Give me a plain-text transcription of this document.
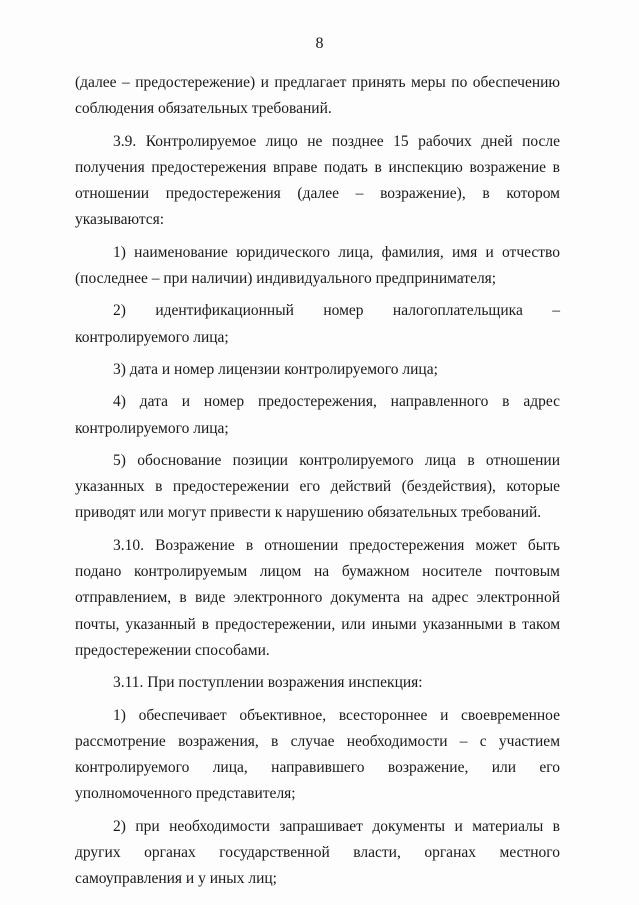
8

(далее – предостережение) и предлагает принять меры по обеспечению соблюдения обязательных требований.

3.9. Контролируемое лицо не позднее 15 рабочих дней после получения предостережения вправе подать в инспекцию возражение в отношении предостережения (далее – возражение), в котором указываются:

1) наименование юридического лица, фамилия, имя и отчество (последнее – при наличии) индивидуального предпринимателя;

2) идентификационный номер налогоплательщика – контролируемого лица;

3) дата и номер лицензии контролируемого лица;

4) дата и номер предостережения, направленного в адрес контролируемого лица;

5) обоснование позиции контролируемого лица в отношении указанных в предостережении его действий (бездействия), которые приводят или могут привести к нарушению обязательных требований.

3.10. Возражение в отношении предостережения может быть подано контролируемым лицом на бумажном носителе почтовым отправлением, в виде электронного документа на адрес электронной почты, указанный в предостережении, или иными указанными в таком предостережении способами.

3.11. При поступлении возражения инспекция:

1) обеспечивает объективное, всестороннее и своевременное рассмотрение возражения, в случае необходимости – с участием контролируемого лица, направившего возражение, или его уполномоченного представителя;

2) при необходимости запрашивает документы и материалы в других органах государственной власти, органах местного самоуправления и у иных лиц;
